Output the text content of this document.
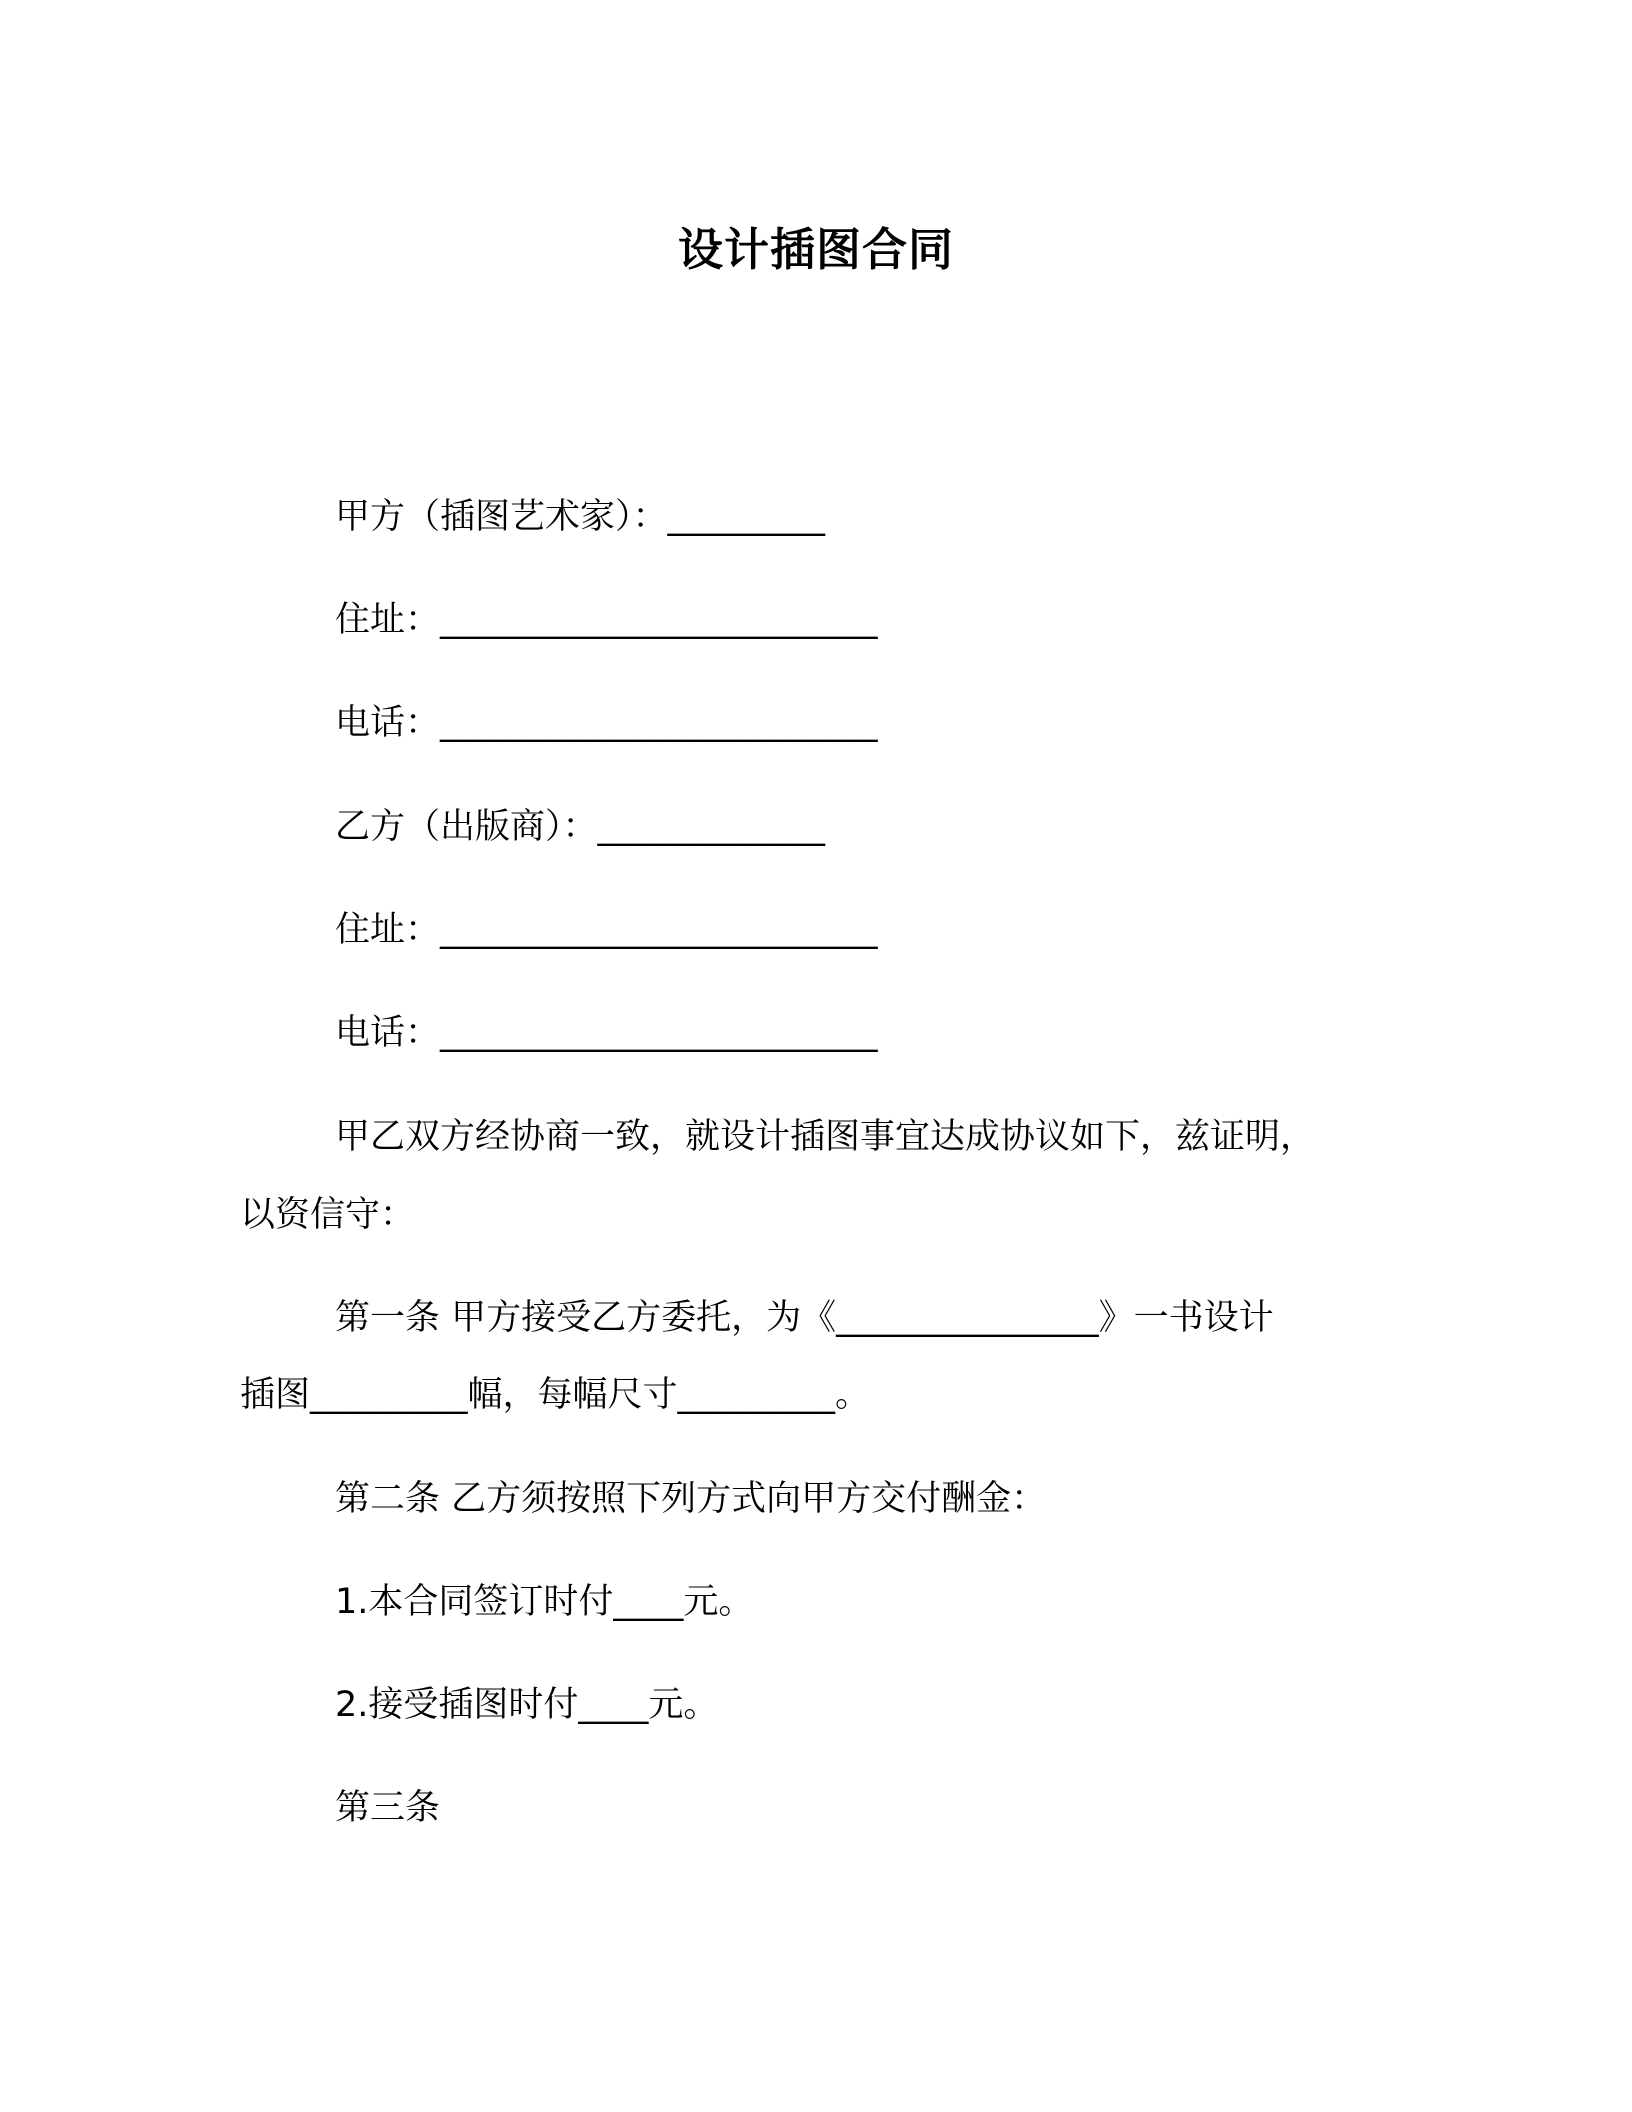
设计插图合同
甲方（插图艺术家）：_________
住址：_________________________
电话：_________________________
乙方（出版商）：_____________
住址：_________________________
电话：_________________________
甲乙双方经协商一致，就设计插图事宜达成协议如下，兹证明，
以资信守：
第一条 甲方接受乙方委托，为《_______________》一书设计
插图_________幅，每幅尺寸_________。
第二条 乙方须按照下列方式向甲方交付酬金：
1.本合同签订时付____元。
2.接受插图时付____元。
第三条
